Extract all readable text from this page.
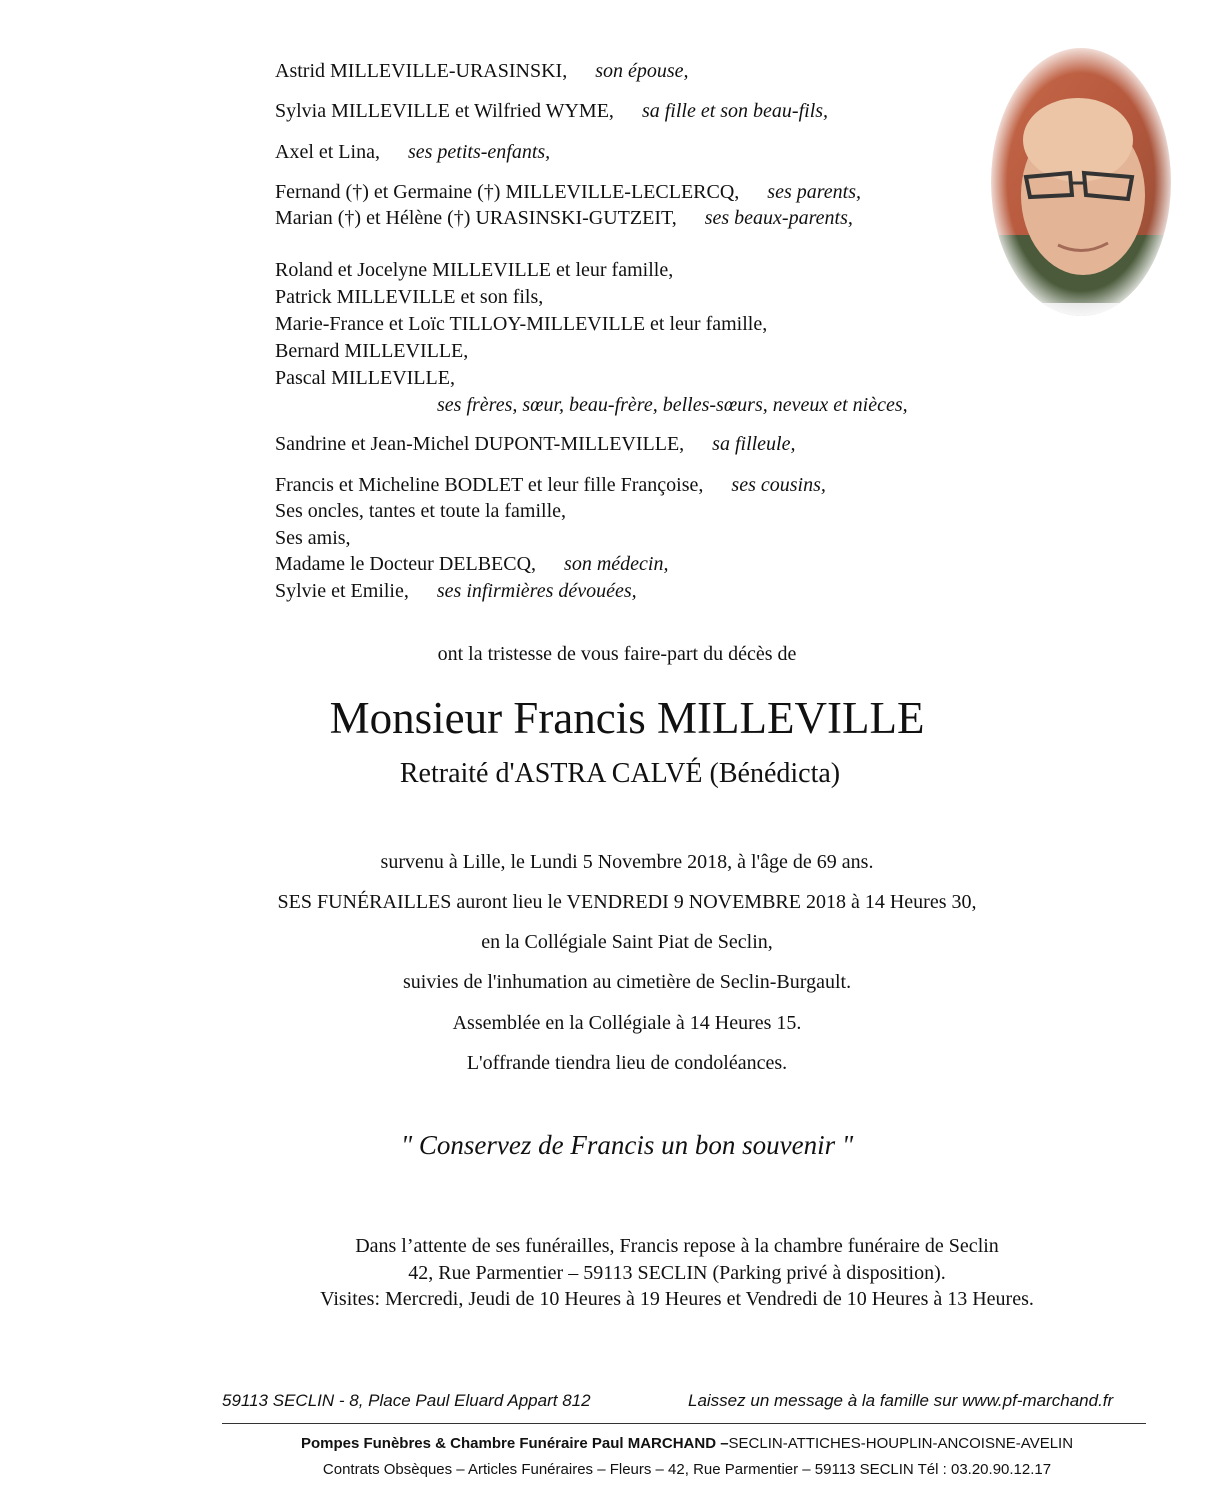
Astrid MILLEVILLE-URASINSKI, son épouse,
Sylvia MILLEVILLE et Wilfried WYME, sa fille et son beau-fils,
Axel et Lina, ses petits-enfants,
Fernand (†) et Germaine (†) MILLEVILLE-LECLERCQ, ses parents,
Marian (†) et Hélène (†) URASINSKI-GUTZEIT, ses beaux-parents,
Roland et Jocelyne MILLEVILLE et leur famille,
Patrick MILLEVILLE et son fils,
Marie-France et Loïc TILLOY-MILLEVILLE et leur famille,
Bernard MILLEVILLE,
Pascal MILLEVILLE,
ses frères, sœur, beau-frère, belles-sœurs, neveux et nièces,
Sandrine et Jean-Michel DUPONT-MILLEVILLE, sa filleule,
Francis et Micheline BODLET et leur fille Françoise, ses cousins,
Ses oncles, tantes et toute la famille,
Ses amis,
Madame le Docteur DELBECQ, son médecin,
Sylvie et Emilie, ses infirmières dévouées,
ont la tristesse de vous faire-part du décès de
Monsieur Francis MILLEVILLE
Retraité d'ASTRA CALVÉ (Bénédicta)
survenu à Lille, le Lundi 5 Novembre 2018, à l'âge de 69 ans.
SES FUNÉRAILLES auront lieu le VENDREDI 9 NOVEMBRE 2018 à 14 Heures 30,
en la Collégiale Saint Piat de Seclin,
suivies de l'inhumation au cimetière de Seclin-Burgault.
Assemblée en la Collégiale à 14 Heures 15.
L'offrande tiendra lieu de condoléances.
" Conservez de Francis un bon souvenir "
Dans l’attente de ses funérailles, Francis repose à la chambre funéraire de Seclin
42, Rue Parmentier – 59113 SECLIN (Parking privé à disposition).
Visites: Mercredi, Jeudi de 10 Heures à 19 Heures et Vendredi de 10 Heures à 13 Heures.
59113 SECLIN - 8, Place Paul Eluard Appart 812	Laissez un message à la famille sur www.pf-marchand.fr
Pompes Funèbres & Chambre Funéraire Paul MARCHAND –SECLIN-ATTICHES-HOUPLIN-ANCOISNE-AVELIN
Contrats Obsèques – Articles Funéraires – Fleurs – 42, Rue Parmentier – 59113 SECLIN Tél : 03.20.90.12.17
